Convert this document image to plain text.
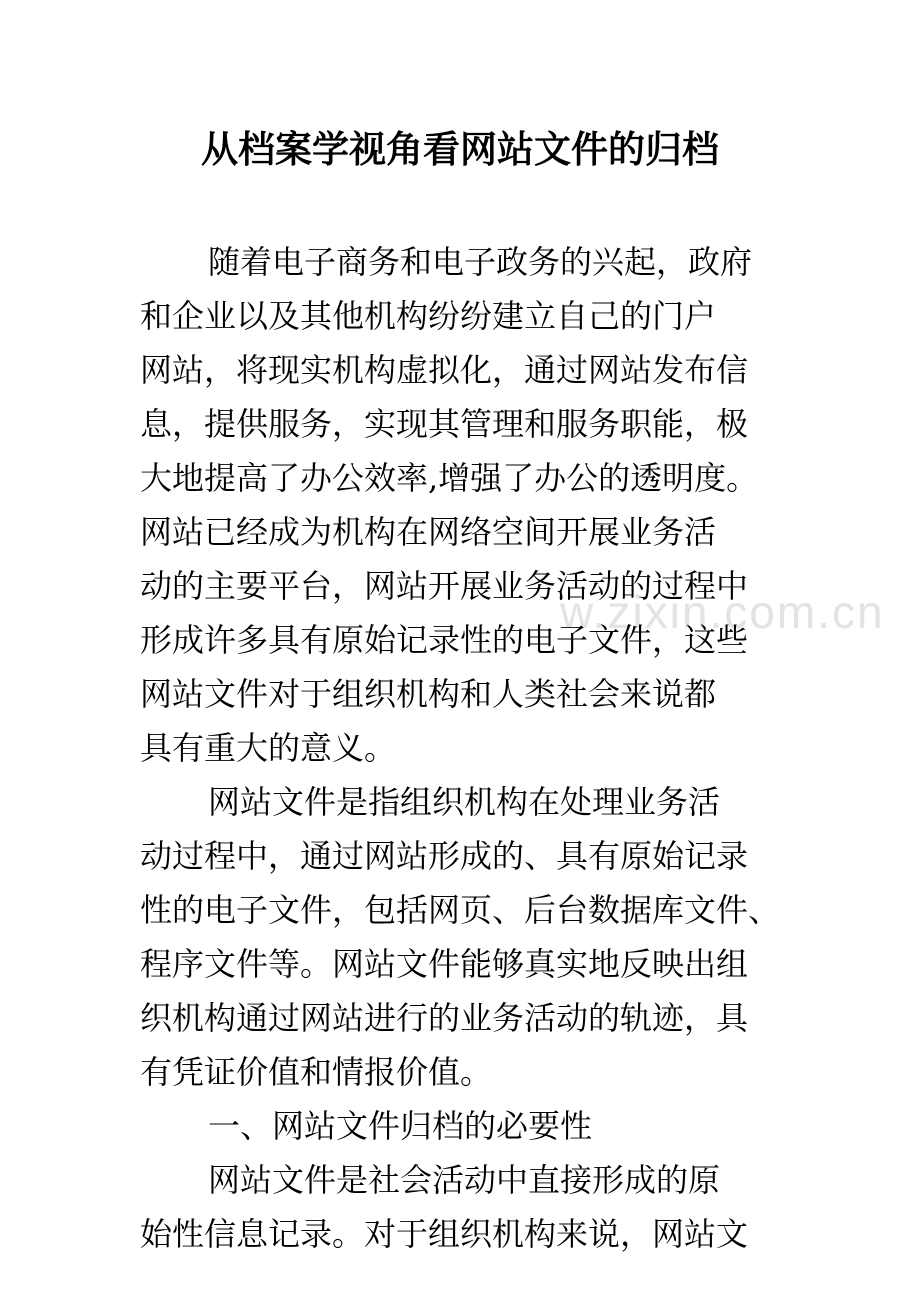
w.zixin.com.cn
从档案学视角看网站文件的归档
随着电子商务和电子政务的兴起，政府
和企业以及其他机构纷纷建立自己的门户
网站，将现实机构虚拟化，通过网站发布信
息，提供服务，实现其管理和服务职能，极
大地提高了办公效率,增强了办公的透明度。
网站已经成为机构在网络空间开展业务活
动的主要平台，网站开展业务活动的过程中
形成许多具有原始记录性的电子文件，这些
网站文件对于组织机构和人类社会来说都
具有重大的意义。
网站文件是指组织机构在处理业务活
动过程中，通过网站形成的、具有原始记录
性的电子文件，包括网页、后台数据库文件、
程序文件等。网站文件能够真实地反映出组
织机构通过网站进行的业务活动的轨迹，具
有凭证价值和情报价值。
一、网站文件归档的必要性
网站文件是社会活动中直接形成的原
始性信息记录。对于组织机构来说，网站文
